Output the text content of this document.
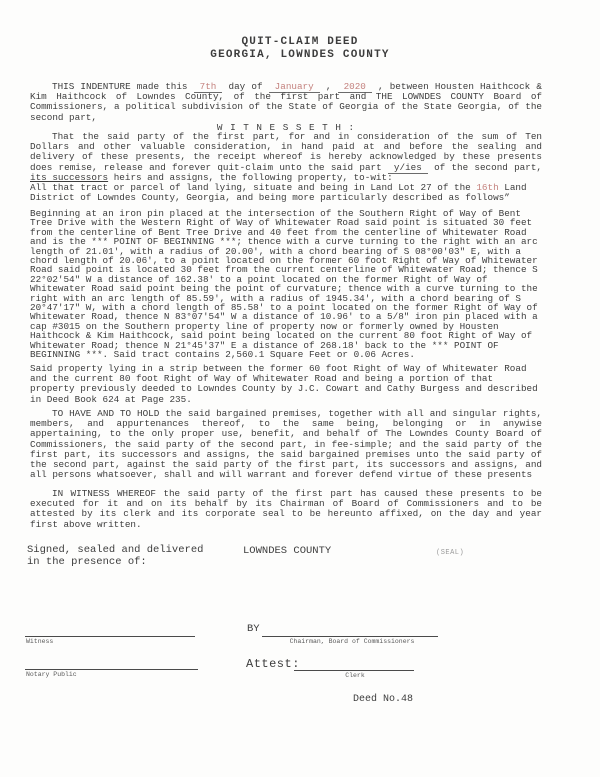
QUIT-CLAIM DEED
GEORGIA, LOWNDES COUNTY
THIS INDENTURE made this 7th day of January , 2020 , between Housten Haithcock & Kim Haithcock of Lowndes County, of the first part and THE LOWNDES COUNTY Board of Commissioners, a political subdivision of the State of Georgia of the State Georgia, of the second part,
W I T N E S S E T H :
That the said party of the first part, for and in consideration of the sum of Ten Dollars and other valuable consideration, in hand paid at and before the sealing and delivery of these presents, the receipt whereof is hereby acknowledged by these presents does remise, release and forever quit-claim unto the said part y/ies of the second part, its successors heirs and assigns, the following property, to-wit:
All that tract or parcel of land lying, situate and being in Land Lot 27 of the 16th Land District of Lowndes County, Georgia, and being more particularly described as follows”
Beginning at an iron pin placed at the intersection of the Southern Right of Way of Bent Tree Drive with the Western Right of Way of Whitewater Road said point is situated 30 feet from the centerline of Bent Tree Drive and 40 feet from the centerline of Whitewater Road and is the *** POINT OF BEGINNING ***; thence with a curve turning to the right with an arc length of 21.01', with a radius of 20.00', with a chord bearing of S 08°00'03" E, with a chord length of 20.06', to a point located on the former 60 foot Right of Way of Whitewater Road said point is located 30 feet from the current centerline of Whitewater Road; thence S 22°02'54" W a distance of 162.38' to a point located on the former Right of Way of Whitewater Road said point being the point of curvature; thence with a curve turning to the right with an arc length of 85.59', with a radius of 1945.34', with a chord bearing of S 20°47'17" W, with a chord length of 85.58' to a point located on the former Right of Way of Whitewater Road, thence N 83°07'54" W a distance of 10.96' to a 5/8" iron pin placed with a cap #3015 on the Southern property line of property now or formerly owned by Housten Haithcock & Kim Haithcock, said point being located on the current 80 foot Right of Way of Whitewater Road; thence N 21°45'37" E a distance of 268.18' back to the *** POINT OF BEGINNING ***. Said tract contains 2,560.1 Square Feet or 0.06 Acres.
Said property lying in a strip between the former 60 foot Right of Way of Whitewater Road and the current 80 foot Right of Way of Whitewater Road and being a portion of that property previously deeded to Lowndes County by J.C. Cowart and Cathy Burgess and described in Deed Book 624 at Page 235.
TO HAVE AND TO HOLD the said bargained premises, together with all and singular rights, members, and appurtenances thereof, to the same being, belonging or in anywise appertaining, to the only proper use, benefit, and behalf of The Lowndes County Board of Commissioners, the said party of the second part, in fee-simple; and the said party of the first part, its successors and assigns, the said bargained premises unto the said party of the second part, against the said party of the first part, its successors and assigns, and all persons whatsoever, shall and will warrant and forever defend virtue of these presents
IN WITNESS WHEREOF the said party of the first part has caused these presents to be executed for it and on its behalf by its Chairman of Board of Commissioners and to be attested by its clerk and its corporate seal to be hereunto affixed, on the day and year first above written.
Signed, sealed and delivered
in the presence of:
LOWNDES COUNTY	(SEAL)
Witness
BY
Chairman, Board of Commissioners
Notary Public
Attest:
Clerk
Deed No.48
